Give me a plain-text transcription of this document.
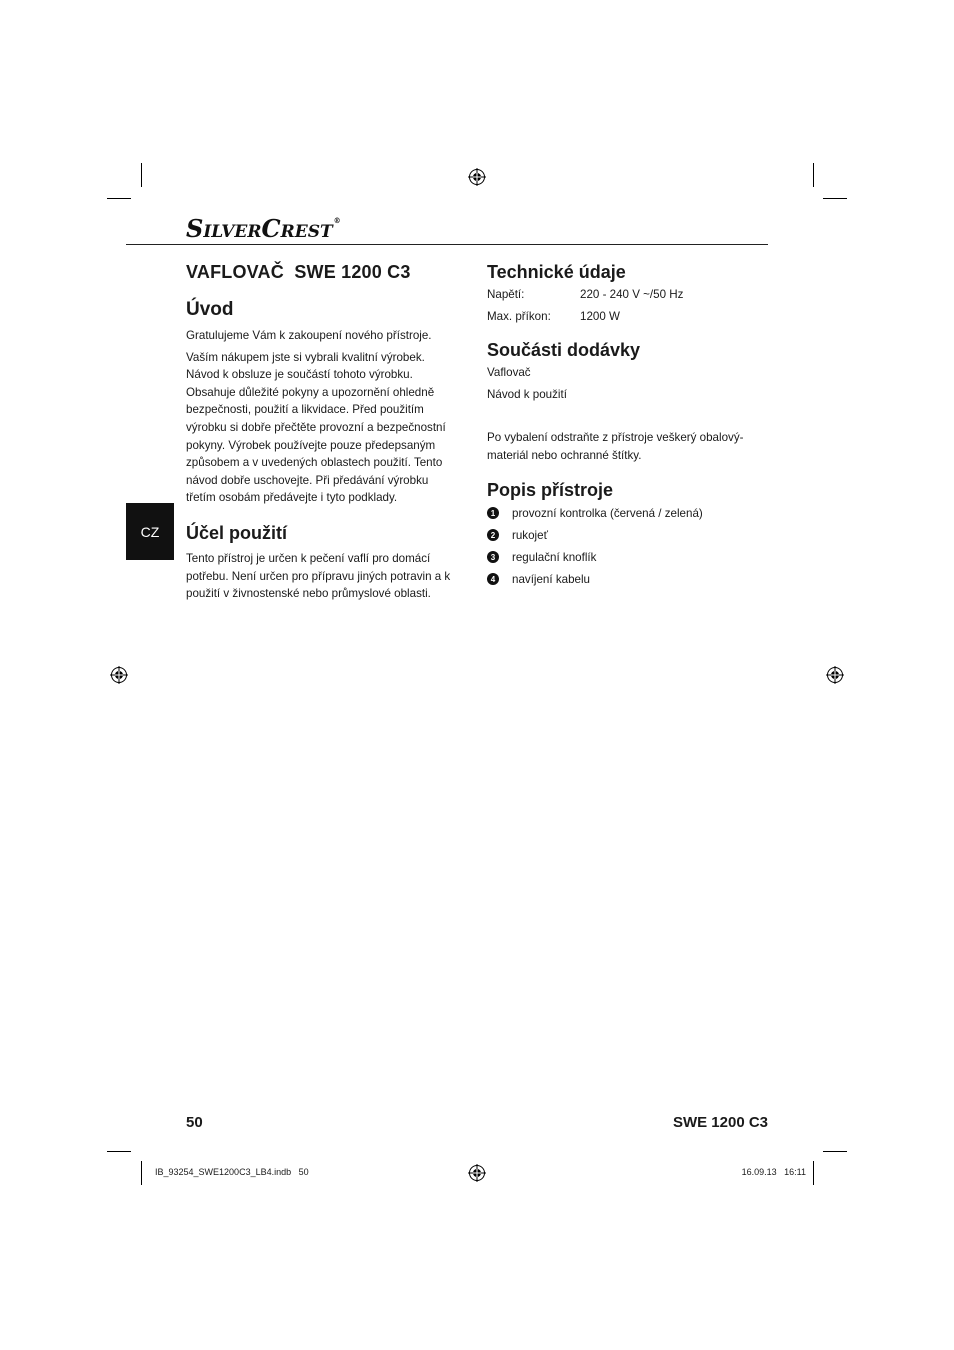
SILVERCREST®
CZ
VAFLOVAČ  SWE 1200 C3
Úvod

Gratulujeme Vám k zakoupení nového přístroje.

Vaším nákupem jste si vybrali kvalitní výrobek.

Návod k obsluze je součástí tohoto výrobku.

Obsahuje důležité pokyny a upozornění ohledně

bezpečnosti, použití a likvidace. Před použitím

výrobku si dobře přečtěte provozní a bezpečnostní

pokyny. Výrobek používejte pouze předepsaným

způsobem a v uvedených oblastech použití. Tento

návod dobře uschovejte. Při předávání výrobku

třetím osobám předávejte i tyto podklady.

Účel použití

Tento přístroj je určen k pečení vaflí pro domácí

potřebu. Není určen pro přípravu jiných potravin a k

použití v živnostenské nebo průmyslové oblasti.

Technické údaje
Napětí:	220 - 240 V ~/50 Hz
Max. příkon:	1200 W
Součásti dodávky
Vaflovač
Návod k použití

Po vybalení odstraňte z přístroje veškerý obalový-

materiál nebo ochranné štítky.

Popis přístroje
1	provozní kontrolka (červená / zelená)
2	rukojeť
3	regulační knoflík
4	navíjení kabelu
50	SWE 1200 C3
IB_93254_SWE1200C3_LB4.indb   50	16.09.13   16:11
